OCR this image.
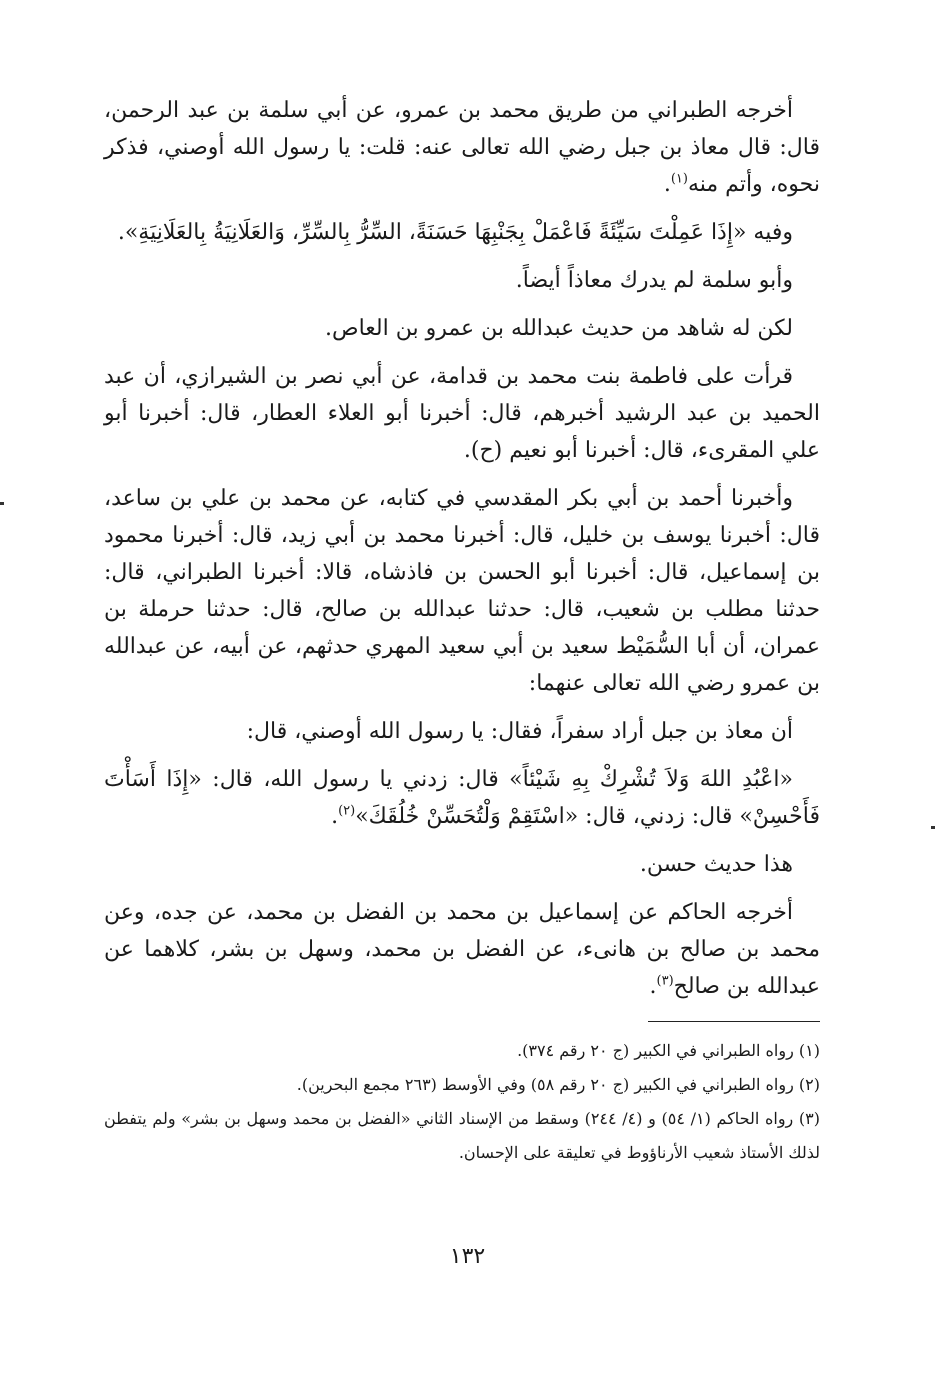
أخرجه الطبراني من طريق محمد بن عمرو، عن أبي سلمة بن عبد الرحمن، قال: قال معاذ بن جبل رضي الله تعالى عنه: قلت: يا رسول الله أوصني، فذكر نحوه، وأتم منه$^{(١)}$.

وفيه «إِذَا عَمِلْتَ سَيِّئَةً فَاعْمَلْ بِجَنْبِهَا حَسَنَةً، السِّرُّ بِالسِّرِّ، وَالعَلَانِيَةُ بِالعَلَانِيَةِ».

وأبو سلمة لم يدرك معاذاً أيضاً.

لكن له شاهد من حديث عبدالله بن عمرو بن العاص.

قرأت على فاطمة بنت محمد بن قدامة، عن أبي نصر بن الشيرازي، أن عبد الحميد بن عبد الرشيد أخبرهم، قال: أخبرنا أبو العلاء العطار، قال: أخبرنا أبو علي المقرىء، قال: أخبرنا أبو نعيم (ح).

وأخبرنا أحمد بن أبي بكر المقدسي في كتابه، عن محمد بن علي بن ساعد، قال: أخبرنا يوسف بن خليل، قال: أخبرنا محمد بن أبي زيد، قال: أخبرنا محمود بن إسماعيل، قال: أخبرنا أبو الحسن بن فاذشاه، قالا: أخبرنا الطبراني، قال: حدثنا مطلب بن شعيب، قال: حدثنا عبدالله بن صالح، قال: حدثنا حرملة بن عمران، أن أبا السُّمَيْط سعيد بن أبي سعيد المهري حدثهم، عن أبيه، عن عبدالله بن عمرو رضي الله تعالى عنهما:

أن معاذ بن جبل أراد سفراً، فقال: يا رسول الله أوصني، قال:

«اعْبُدِ اللهَ وَلاَ تُشْرِكْ بِهِ شَيْئاً» قال: زدني يا رسول الله، قال: «إِذَا أَسَأْتَ فَأَحْسِنْ» قال: زدني، قال: «اسْتَقِمْ وَلْتُحَسِّنْ خُلُقَكَ»$^{(٢)}$.

هذا حديث حسن.

أخرجه الحاكم عن إسماعيل بن محمد بن الفضل بن محمد، عن جده، وعن محمد بن صالح بن هانىء، عن الفضل بن محمد، وسهل بن بشر، كلاهما عن عبدالله بن صالح$^{(٣)}$.

(١) رواه الطبراني في الكبير (ج ٢٠ رقم ٣٧٤).

(٢) رواه الطبراني في الكبير (ج ٢٠ رقم ٥٨) وفي الأوسط (٢٦٣ مجمع البحرين).

(٣) رواه الحاكم (١/ ٥٤) و (٤/ ٢٤٤) وسقط من الإسناد الثاني «الفضل بن محمد وسهل بن بشر» ولم يتفطن لذلك الأستاذ شعيب الأرناؤوط في تعليقة على الإحسان.

١٣٢
